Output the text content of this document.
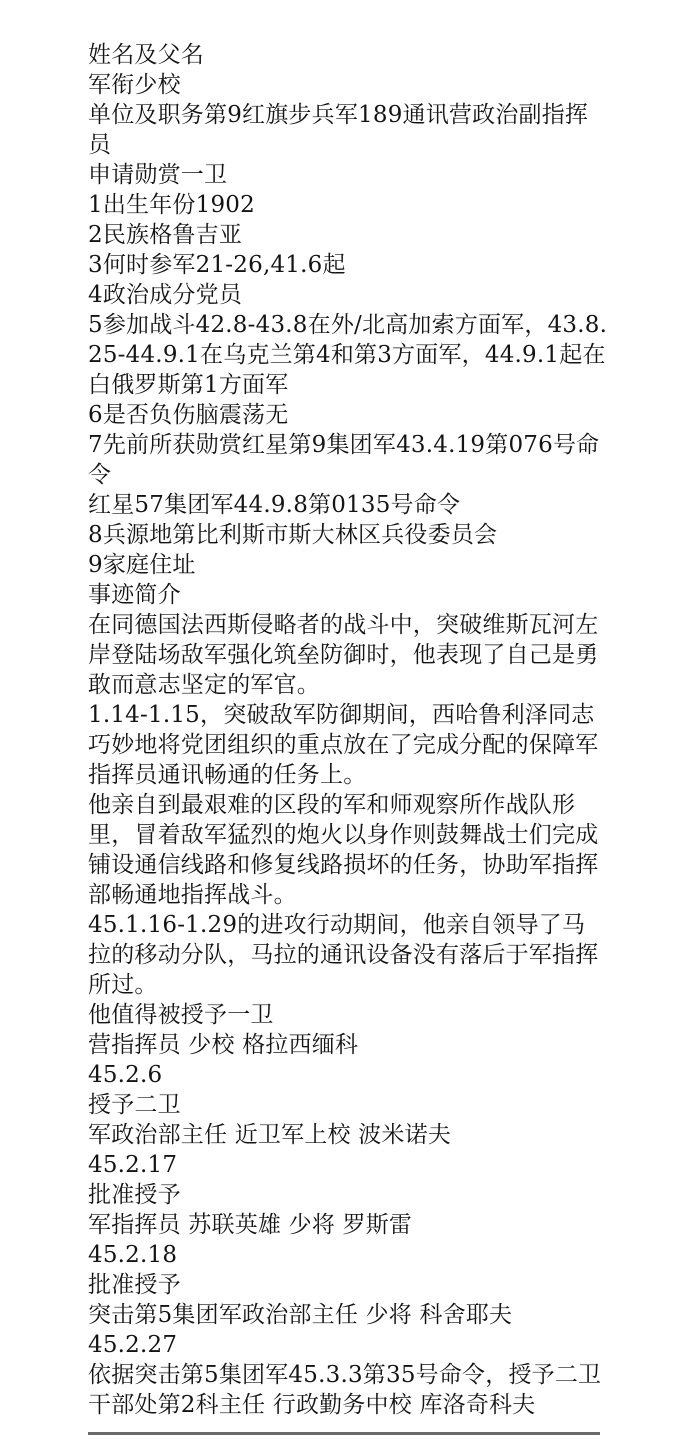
姓名及父名
军衔少校
单位及职务第9红旗步兵军189通讯营政治副指挥员
申请勋赏一卫
1出生年份1902
2民族格鲁吉亚
3何时参军21-26,41.6起
4政治成分党员
5参加战斗42.8-43.8在外/北高加索方面军，43.8.25-44.9.1在乌克兰第4和第3方面军，44.9.1起在白俄罗斯第1方面军
6是否负伤脑震荡无
7先前所获勋赏红星第9集团军43.4.19第076号命令
红星57集团军44.9.8第0135号命令
8兵源地第比利斯市斯大林区兵役委员会
9家庭住址
事迹简介
在同德国法西斯侵略者的战斗中，突破维斯瓦河左岸登陆场敌军强化筑垒防御时，他表现了自己是勇敢而意志坚定的军官。
1.14-1.15，突破敌军防御期间，西哈鲁利泽同志巧妙地将党团组织的重点放在了完成分配的保障军指挥员通讯畅通的任务上。
他亲自到最艰难的区段的军和师观察所作战队形里，冒着敌军猛烈的炮火以身作则鼓舞战士们完成铺设通信线路和修复线路损坏的任务，协助军指挥部畅通地指挥战斗。
45.1.16-1.29的进攻行动期间，他亲自领导了马拉的移动分队，马拉的通讯设备没有落后于军指挥所过。
他值得被授予一卫
营指挥员 少校 格拉西缅科
45.2.6
授予二卫
军政治部主任 近卫军上校 波米诺夫
45.2.17
批准授予
军指挥员 苏联英雄 少将 罗斯雷
45.2.18
批准授予
突击第5集团军政治部主任 少将 科舍耶夫
45.2.27
依据突击第5集团军45.3.3第35号命令，授予二卫
干部处第2科主任 行政勤务中校 库洛奇科夫
